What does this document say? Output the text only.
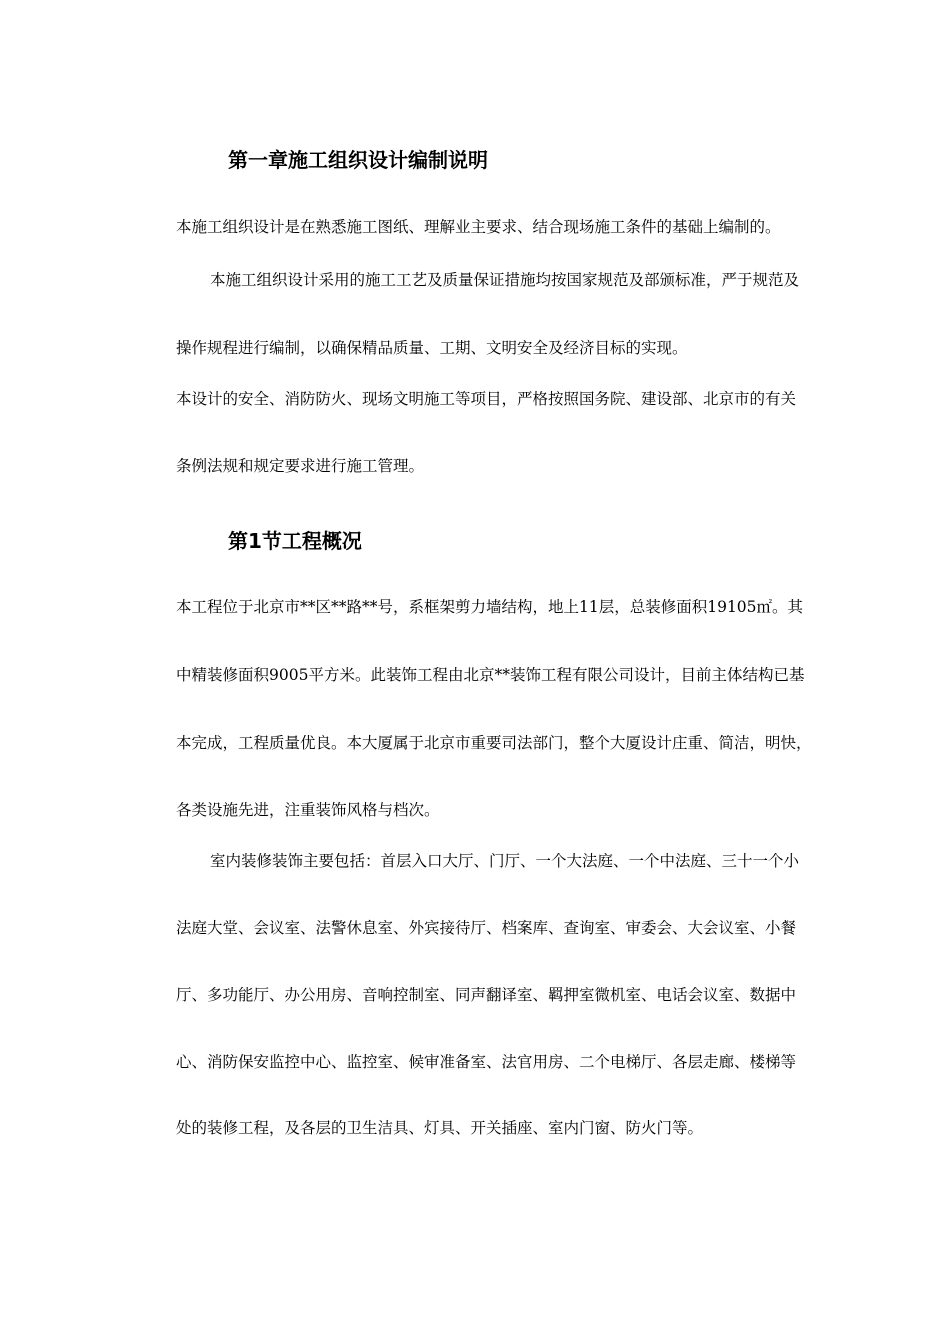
第一章施工组织设计编制说明
本施工组织设计是在熟悉施工图纸、理解业主要求、结合现场施工条件的基础上编制的。
本施工组织设计采用的施工工艺及质量保证措施均按国家规范及部颁标准，严于规范及
操作规程进行编制，以确保精品质量、工期、文明安全及经济目标的实现。
本设计的安全、消防防火、现场文明施工等项目，严格按照国务院、建设部、北京市的有关
条例法规和规定要求进行施工管理。
第1节工程概况
本工程位于北京市**区**路**号，系框架剪力墙结构，地上11层，总装修面积19105㎡。其
中精装修面积9005平方米。此装饰工程由北京**装饰工程有限公司设计，目前主体结构已基
本完成，工程质量优良。本大厦属于北京市重要司法部门，整个大厦设计庄重、简洁，明快，
各类设施先进，注重装饰风格与档次。
室内装修装饰主要包括：首层入口大厅、门厅、一个大法庭、一个中法庭、三十一个小
法庭大堂、会议室、法警休息室、外宾接待厅、档案库、查询室、审委会、大会议室、小餐
厅、多功能厅、办公用房、音响控制室、同声翻译室、羁押室微机室、电话会议室、数据中
心、消防保安监控中心、监控室、候审准备室、法官用房、二个电梯厅、各层走廊、楼梯等
处的装修工程，及各层的卫生洁具、灯具、开关插座、室内门窗、防火门等。
